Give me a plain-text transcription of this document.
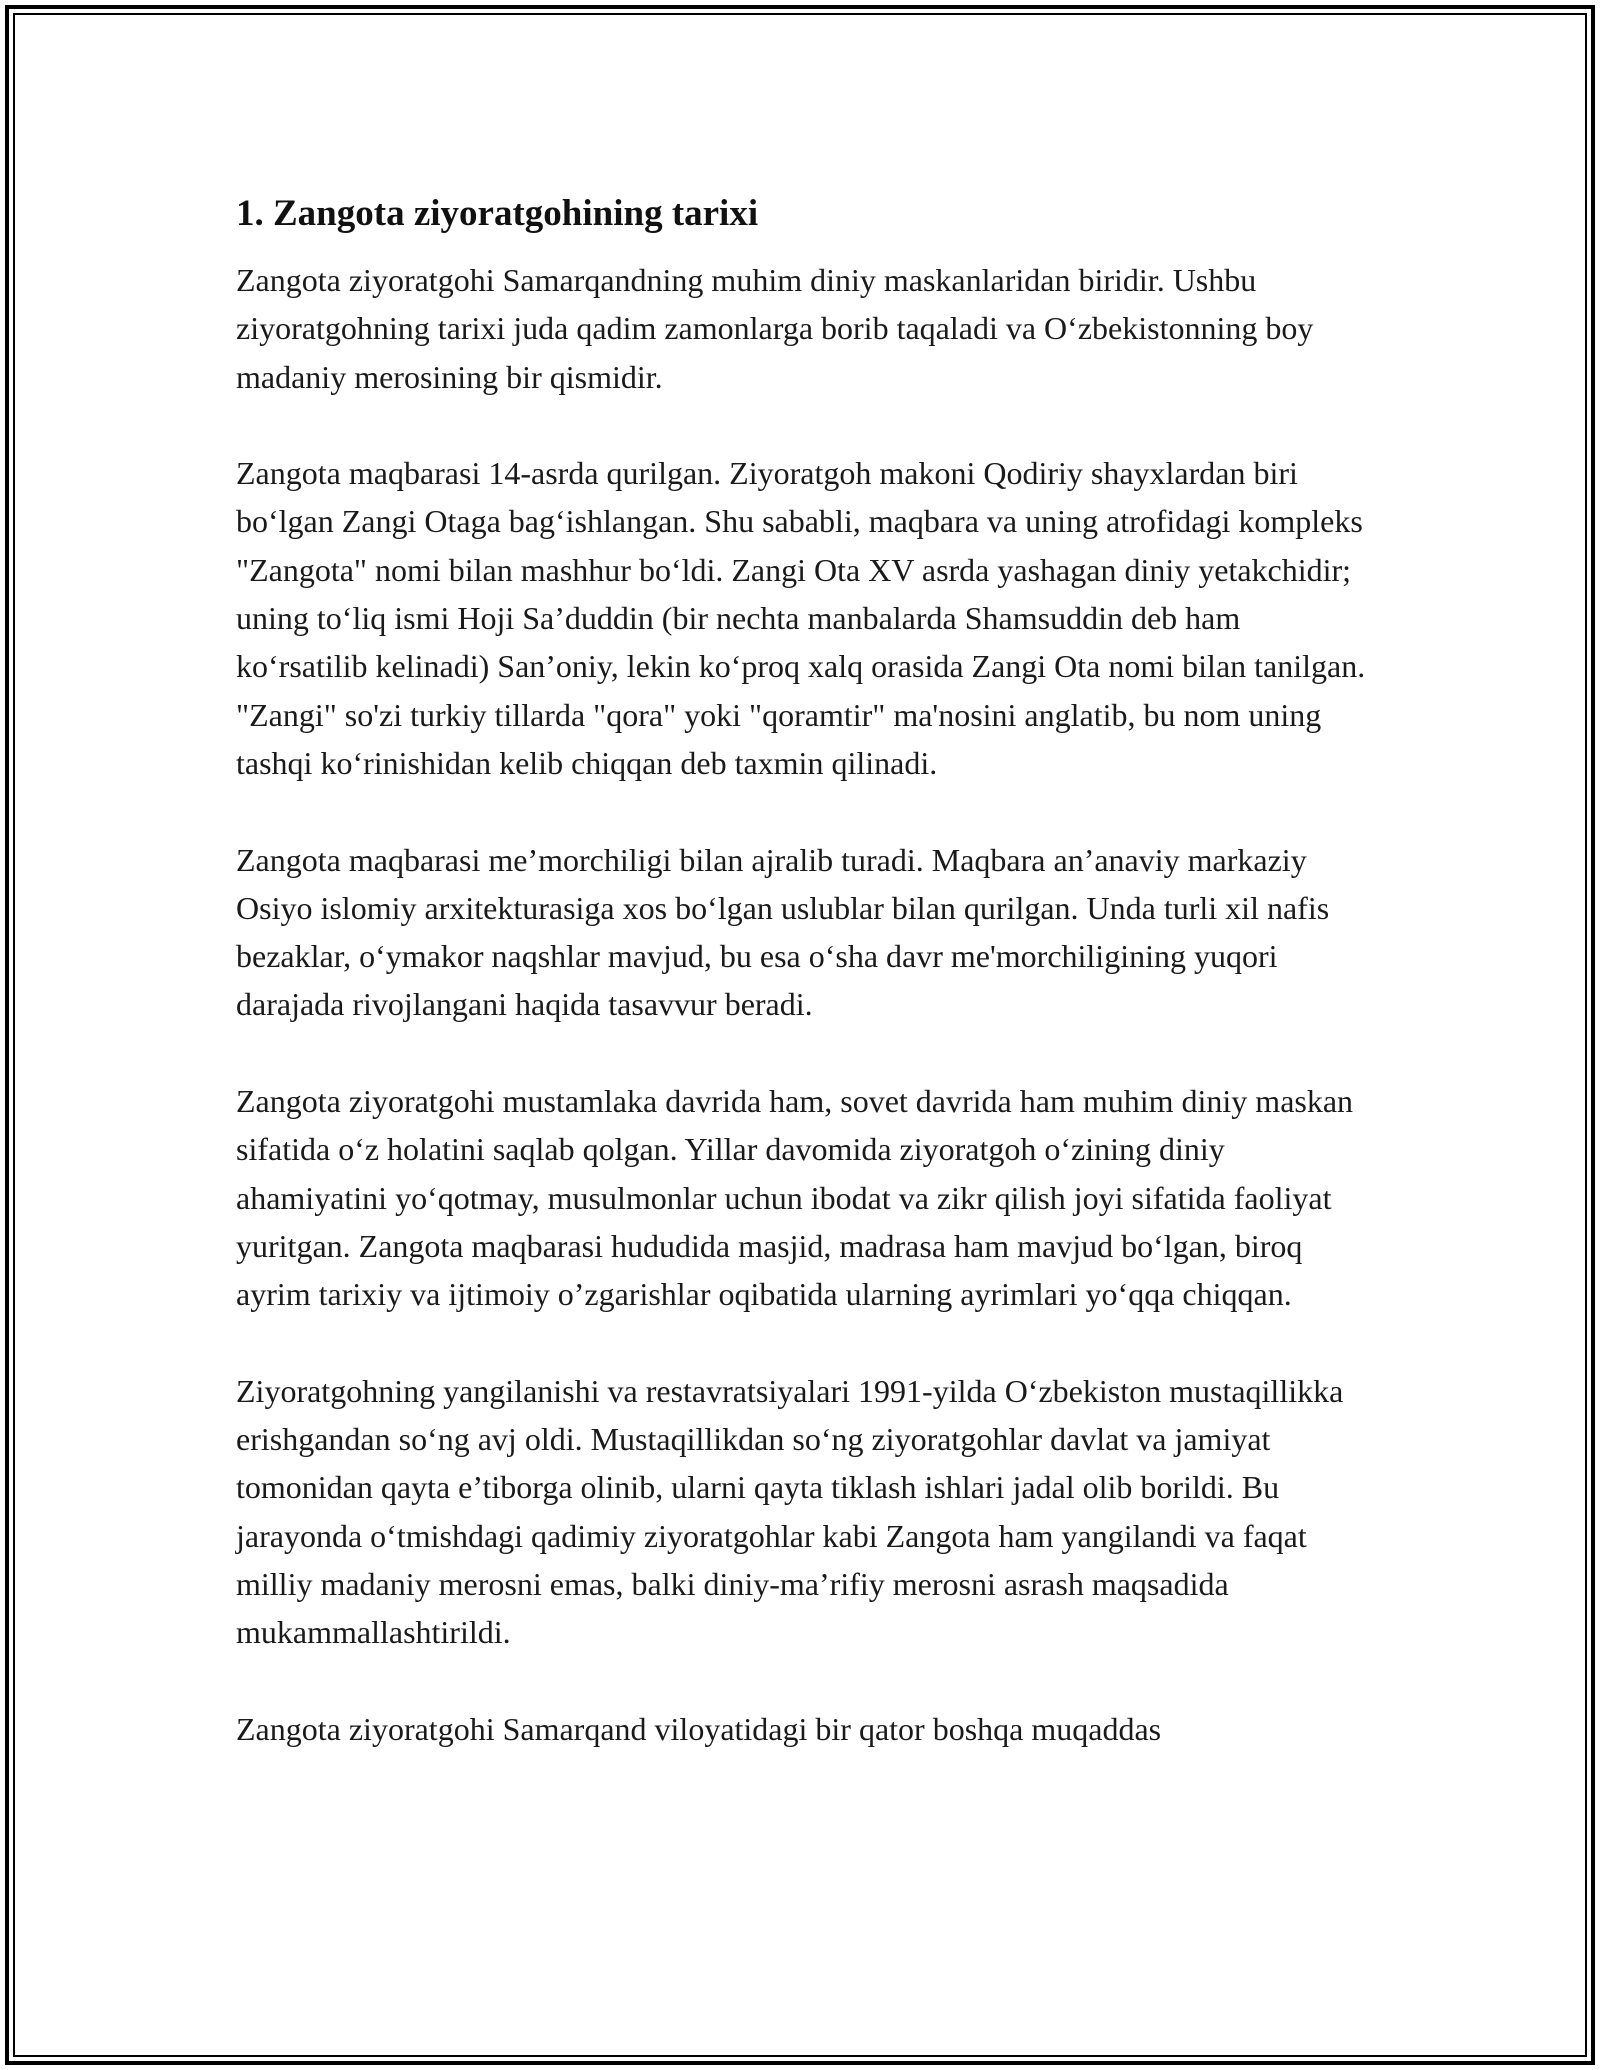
1. Zangota ziyoratgohining tarixi

Zangota ziyoratgohi Samarqandning muhim diniy maskanlaridan biridir. Ushbu ziyoratgohning tarixi juda qadim zamonlarga borib taqaladi va O‘zbekistonning boy madaniy merosining bir qismidir.

Zangota maqbarasi 14-asrda qurilgan. Ziyoratgoh makoni Qodiriy shayxlardan biri bo‘lgan Zangi Otaga bag‘ishlangan. Shu sababli, maqbara va uning atrofidagi kompleks "Zangota" nomi bilan mashhur bo‘ldi. Zangi Ota XV asrda yashagan diniy yetakchidir; uning to‘liq ismi Hoji Sa’duddin (bir nechta manbalarda Shamsuddin deb ham ko‘rsatilib kelinadi) San’oniy, lekin ko‘proq xalq orasida Zangi Ota nomi bilan tanilgan. "Zangi" so'zi turkiy tillarda "qora" yoki "qoramtir" ma'nosini anglatib, bu nom uning tashqi ko‘rinishidan kelib chiqqan deb taxmin qilinadi.

Zangota maqbarasi me’morchiligi bilan ajralib turadi. Maqbara an’anaviy markaziy Osiyo islomiy arxitekturasiga xos bo‘lgan uslublar bilan qurilgan. Unda turli xil nafis bezaklar, o‘ymakor naqshlar mavjud, bu esa o‘sha davr me'morchiligining yuqori darajada rivojlangani haqida tasavvur beradi.

Zangota ziyoratgohi mustamlaka davrida ham, sovet davrida ham muhim diniy maskan sifatida o‘z holatini saqlab qolgan. Yillar davomida ziyoratgoh o‘zining diniy ahamiyatini yo‘qotmay, musulmonlar uchun ibodat va zikr qilish joyi sifatida faoliyat yuritgan. Zangota maqbarasi hududida masjid, madrasa ham mavjud bo‘lgan, biroq ayrim tarixiy va ijtimoiy o’zgarishlar oqibatida ularning ayrimlari yo‘qqa chiqqan.

Ziyoratgohning yangilanishi va restavratsiyalari 1991-yilda O‘zbekiston mustaqillikka erishgandan so‘ng avj oldi. Mustaqillikdan so‘ng ziyoratgohlar davlat va jamiyat tomonidan qayta e’tiborga olinib, ularni qayta tiklash ishlari jadal olib borildi. Bu jarayonda o‘tmishdagi qadimiy ziyoratgohlar kabi Zangota ham yangilandi va faqat milliy madaniy merosni emas, balki diniy-ma’rifiy merosni asrash maqsadida mukammallashtirildi.

Zangota ziyoratgohi Samarqand viloyatidagi bir qator boshqa muqaddas
